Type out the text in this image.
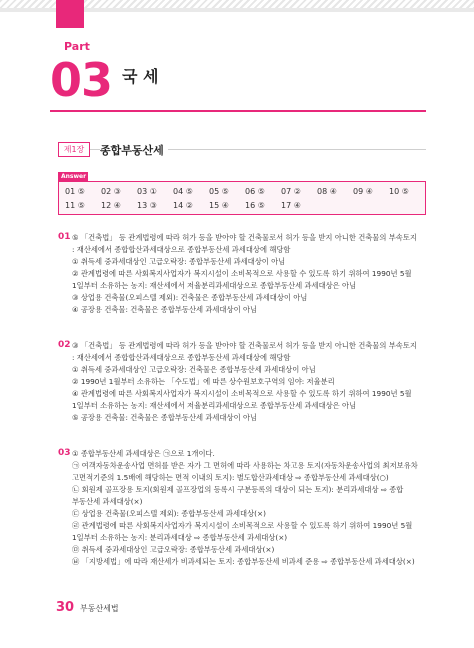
Part
03 국 세
제1장	종합부동산세
Answer
01 ⑤	02 ③	03 ①	04 ⑤	05 ⑤	06 ⑤	07 ②	08 ④	09 ④	10 ⑤
11 ⑤	12 ④	13 ③	14 ②	15 ④	16 ⑤	17 ④
01 ⑤ 「건축법」 등 관계법령에 따라 허가 등을 받아야 할 건축물로서 허가 등을 받지 아니한 건축물의 부속토지
: 재산세에서 종합합산과세대상으로 종합부동산세 과세대상에 해당함
① 취득세 중과세대상인 고급오락장: 종합부동산세 과세대상이 아님
② 관계법령에 따른 사회복지사업자가 복지시설이 소비목적으로 사용할 수 있도록 하기 위하여 1990년 5월
1일부터 소유하는 농지: 재산세에서 저율분리과세대상으로 종합부동산세 과세대상은 아님
③ 상업용 건축물(오피스텔 제외): 건축물은 종합부동산세 과세대상이 아님
④ 공장용 건축물: 건축물은 종합부동산세 과세대상이 아님
02 ③ 「건축법」 등 관계법령에 따라 허가 등을 받아야 할 건축물로서 허가 등을 받지 아니한 건축물의 부속토지
: 재산세에서 종합합산과세대상으로 종합부동산세 과세대상에 해당함
① 취득세 중과세대상인 고급오락장: 건축물은 종합부동산세 과세대상이 아님
② 1990년 1월부터 소유하는 「수도법」에 따른 상수원보호구역의 임야: 저율분리
④ 관계법령에 따른 사회복지사업자가 복지시설이 소비목적으로 사용할 수 있도록 하기 위하여 1990년 5월
1일부터 소유하는 농지: 재산세에서 저율분리과세대상으로 종합부동산세 과세대상은 아님
⑤ 공장용 건축물: 건축물은 종합부동산세 과세대상이 아님
03 ① 종합부동산세 과세대상은 ㉠으로 1개이다.
㉠ 여객자동차운송사업 면허를 받은 자가 그 면허에 따라 사용하는 차고용 토지(자동차운송사업의 최저보유차
고면적기준의 1.5배에 해당하는 면적 이내의 토지): 별도합산과세대상 ⇨ 종합부동산세 과세대상(○)
㉡ 회원제 골프장용 토지(회원제 골프장업의 등록시 구분등록의 대상이 되는 토지): 분리과세대상 ⇨ 종합
부동산세 과세대상(×)
㉢ 상업용 건축물(오피스텔 제외): 종합부동산세 과세대상(×)
㉣ 관계법령에 따른 사회복지사업자가 복지시설이 소비목적으로 사용할 수 있도록 하기 위하여 1990년 5월
1일부터 소유하는 농지: 분리과세대상 ⇨ 종합부동산세 과세대상(×)
㉤ 취득세 중과세대상인 고급오락장: 종합부동산세 과세대상(×)
㉥ 「지방세법」에 따라 재산세가 비과세되는 토지: 종합부동산세 비과세 준용 ⇨ 종합부동산세 과세대상(×)
30 부동산세법
